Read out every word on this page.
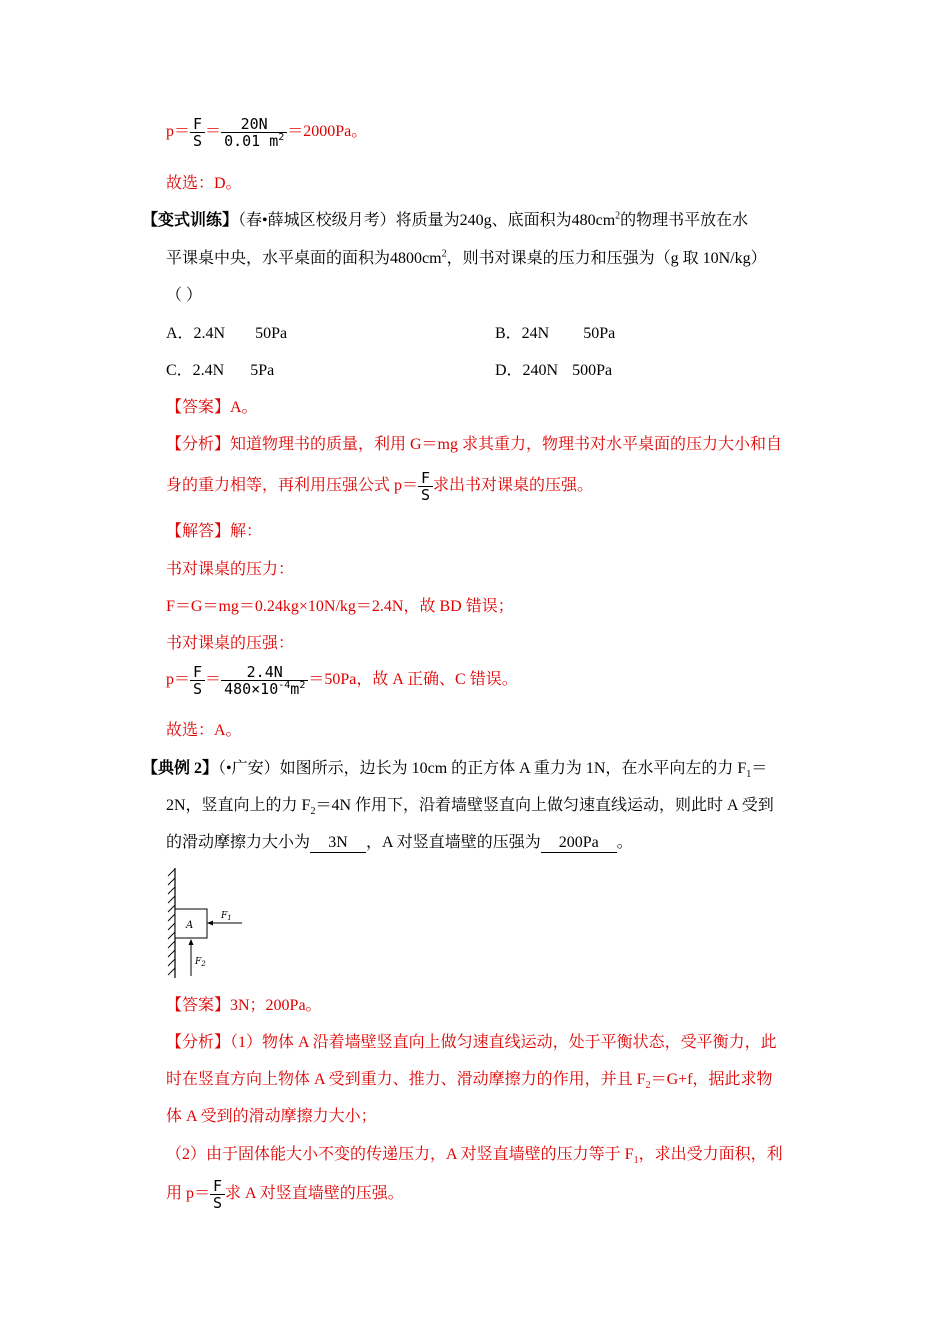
$p= \frac{F}{S} = \frac{20N}{0.01 m^2} =2000Pa$。
故选：D。
【变式训练】（春•薛城区校级月考）将质量为240g、底面积为$480cm^2$的物理书平放在水
平课桌中央，水平桌面的面积为$4800cm^2$，则书对课桌的压力和压强为（g 取 10N/kg）
（ ）
A．2.4N 50Pa	B．24N 50Pa
C．2.4N 5Pa	D．240N 500Pa
【答案】A。
【分析】知道物理书的质量，利用 G＝mg 求其重力，物理书对水平桌面的压力大小和自
身的重力相等，再利用压强公式 $p= \frac{F}{S}$ 求出书对课桌的压强。
【解答】解：
书对课桌的压力：
F＝G＝mg＝0.24kg×10N/kg＝2.4N，故 BD 错误；
书对课桌的压强：
$p= \frac{F}{S} = \frac{2.4N}{480\times 10^{-4}m^2} =50Pa$，故 A 正确、C 错误。
故选：A。
【典例 2】（•广安）如图所示，边长为 10cm 的正方体 A 重力为 1N，在水平向左的力 $F_1=$
2N，竖直向上的力 $F_2=4N$ 作用下，沿着墙壁竖直向上做匀速直线运动，则此时 A 受到
的滑动摩擦力大小为 3N ，A 对竖直墙壁的压强为 200Pa 。
A
$F_1$
$F_2$
【答案】3N；200Pa。
【分析】（1）物体 A 沿着墙壁竖直向上做匀速直线运动，处于平衡状态，受平衡力，此
时在竖直方向上物体 A 受到重力、推力、滑动摩擦力的作用，并且 $F_2=G+f$，据此求物
体 A 受到的滑动摩擦力大小；
（2）由于固体能大小不变的传递压力，A 对竖直墙壁的压力等于 $F_1$，求出受力面积，利
用 $p= \frac{F}{S}$ 求 A 对竖直墙壁的压强。
